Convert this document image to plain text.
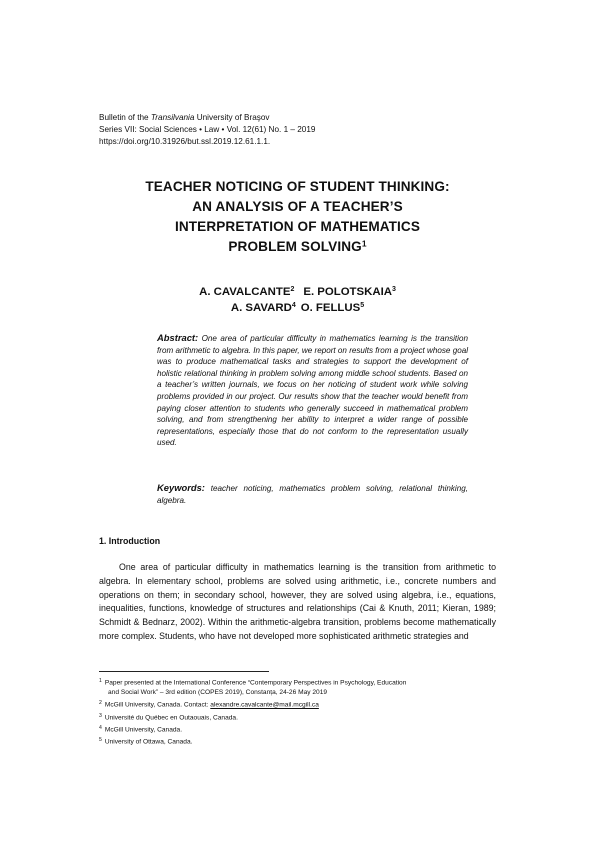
Bulletin of the Transilvania University of Braşov
Series VII: Social Sciences • Law • Vol. 12(61) No. 1 – 2019
https://doi.org/10.31926/but.ssl.2019.12.61.1.1.
TEACHER NOTICING OF STUDENT THINKING:
AN ANALYSIS OF A TEACHER’S
INTERPRETATION OF MATHEMATICS
PROBLEM SOLVING$^1$
A. CAVALCANTE$^2$ E. POLOTSKAIA$^3$
A. SAVARD$^4$ O. FELLUS$^5$
Abstract: One area of particular difficulty in mathematics learning is the transition from arithmetic to algebra. In this paper, we report on results from a project whose goal was to produce mathematical tasks and strategies to support the development of holistic relational thinking in problem solving among middle school students. Based on a teacher’s written journals, we focus on her noticing of student work while solving problems provided in our project. Our results show that the teacher would benefit from paying closer attention to students who generally succeed in mathematical problem solving, and from strengthening her ability to interpret a wider range of possible representations, especially those that do not conform to the representation usually used.
Keywords: teacher noticing, mathematics problem solving, relational thinking, algebra.
1. Introduction
One area of particular difficulty in mathematics learning is the transition from arithmetic to algebra. In elementary school, problems are solved using arithmetic, i.e., concrete numbers and operations on them; in secondary school, however, they are solved using algebra, i.e., equations, inequalities, functions, knowledge of structures and relationships (Cai & Knuth, 2011; Kieran, 1989; Schmidt & Bednarz, 2002). Within the arithmetic-algebra transition, problems become mathematically more complex. Students, who have not developed more sophisticated arithmetic strategies and
$^1$ Paper presented at the International Conference “Contemporary Perspectives in Psychology, Education
and Social Work” – 3rd edition (COPES 2019), Constanța, 24-26 May 2019
$^2$ McGill University, Canada. Contact: alexandre.cavalcante@mail.mcgill.ca
$^3$ Université du Québec en Outaouais, Canada.
$^4$ McGill University, Canada.
$^5$ University of Ottawa, Canada.
